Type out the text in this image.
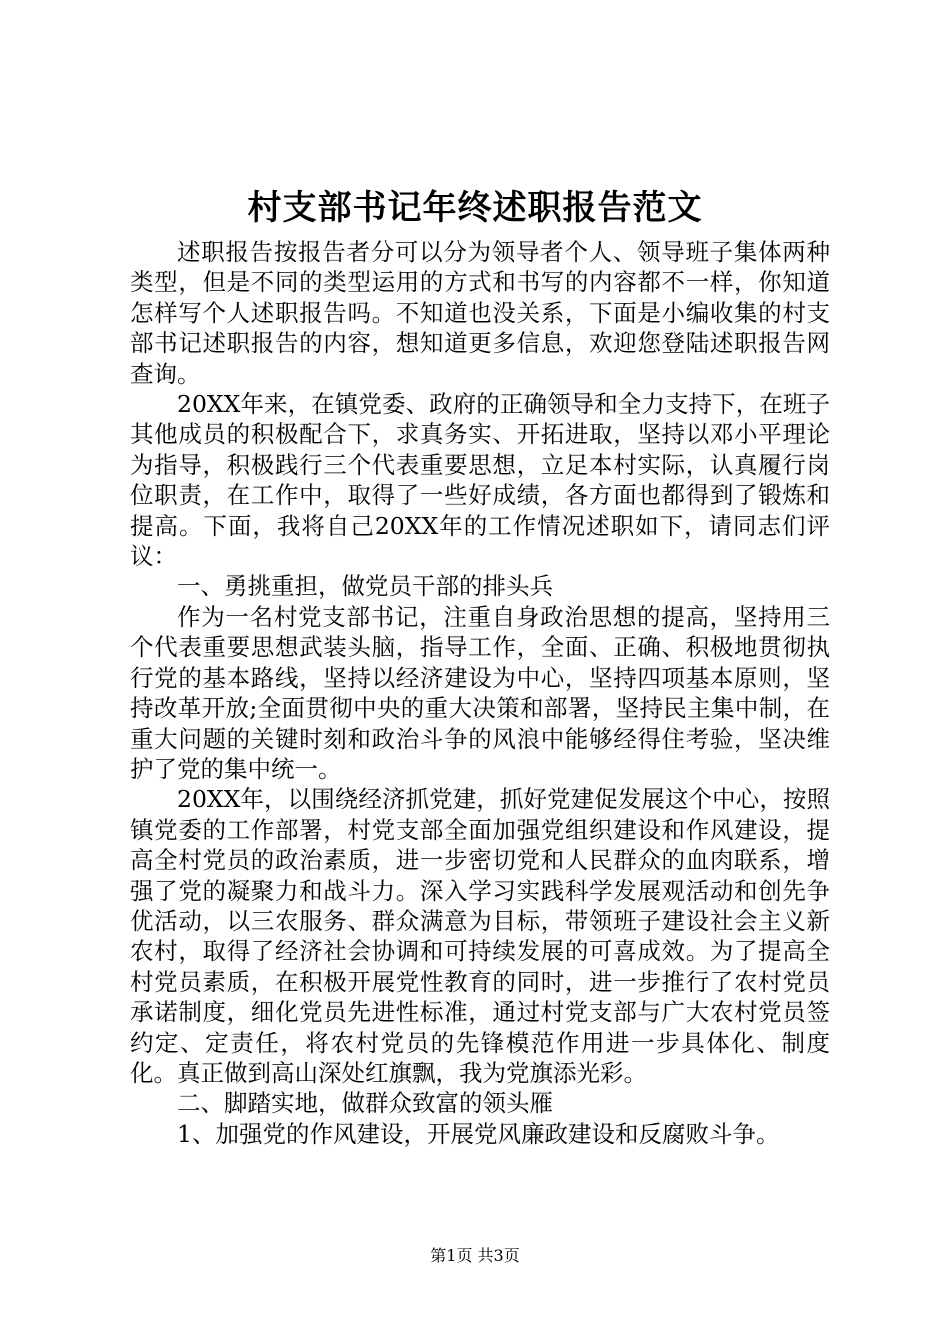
村支部书记年终述职报告范文

述职报告按报告者分可以分为领导者个人、领导班子集体两种类型，但是不同的类型运用的方式和书写的内容都不一样，你知道怎样写个人述职报告吗。不知道也没关系，下面是小编收集的村支部书记述职报告的内容，想知道更多信息，欢迎您登陆述职报告网查询。

20XX年来，在镇党委、政府的正确领导和全力支持下，在班子其他成员的积极配合下，求真务实、开拓进取，坚持以邓小平理论为指导，积极践行三个代表重要思想，立足本村实际，认真履行岗位职责，在工作中，取得了一些好成绩，各方面也都得到了锻炼和提高。下面，我将自己20XX年的工作情况述职如下，请同志们评议：

一、勇挑重担，做党员干部的排头兵

作为一名村党支部书记，注重自身政治思想的提高，坚持用三个代表重要思想武装头脑，指导工作，全面、正确、积极地贯彻执行党的基本路线，坚持以经济建设为中心，坚持四项基本原则，坚持改革开放;全面贯彻中央的重大决策和部署，坚持民主集中制，在重大问题的关键时刻和政治斗争的风浪中能够经得住考验，坚决维护了党的集中统一。

20XX年，以围绕经济抓党建，抓好党建促发展这个中心，按照镇党委的工作部署，村党支部全面加强党组织建设和作风建设，提高全村党员的政治素质，进一步密切党和人民群众的血肉联系，增强了党的凝聚力和战斗力。深入学习实践科学发展观活动和创先争优活动，以三农服务、群众满意为目标，带领班子建设社会主义新农村，取得了经济社会协调和可持续发展的可喜成效。为了提高全村党员素质，在积极开展党性教育的同时，进一步推行了农村党员承诺制度，细化党员先进性标准，通过村党支部与广大农村党员签约定、定责任，将农村党员的先锋模范作用进一步具体化、制度化。真正做到高山深处红旗飘，我为党旗添光彩。

二、脚踏实地，做群众致富的领头雁

1、加强党的作风建设，开展党风廉政建设和反腐败斗争。

第1页 共3页
